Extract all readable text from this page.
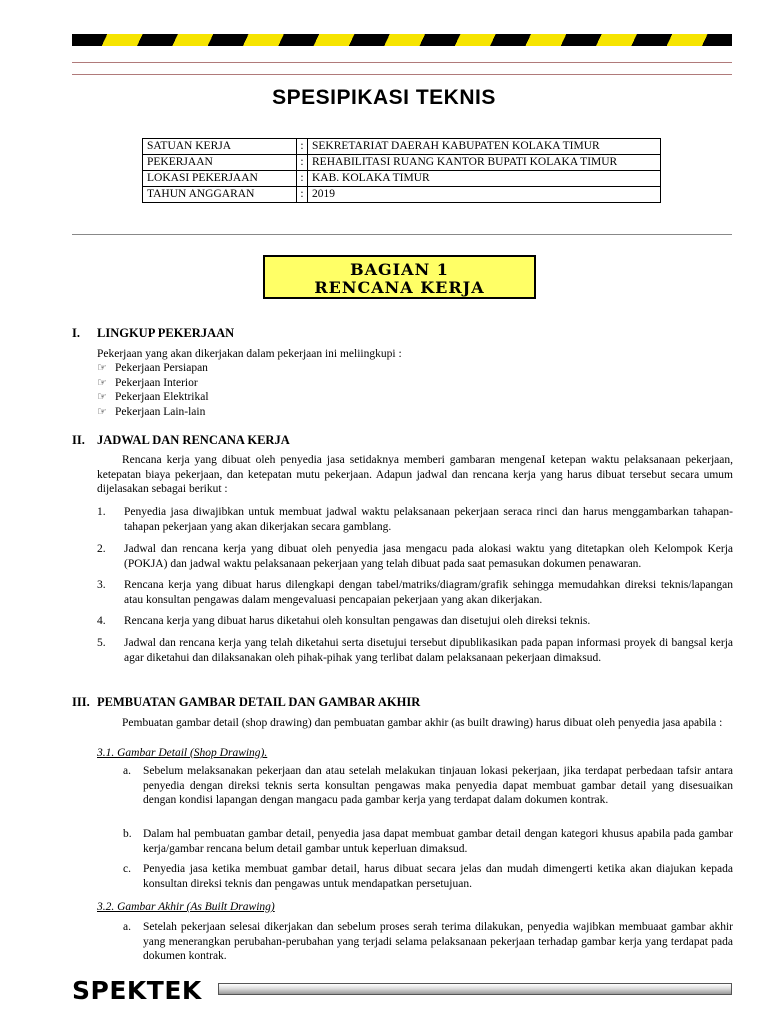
SPESIPIKASI TEKNIS
SATUAN KERJA	:	SEKRETARIAT DAERAH KABUPATEN KOLAKA TIMUR
PEKERJAAN	:	REHABILITASI RUANG KANTOR BUPATI KOLAKA TIMUR
LOKASI PEKERJAAN	:	KAB. KOLAKA TIMUR
TAHUN ANGGARAN	:	2019
BAGIAN 1
RENCANA KERJA
I. LINGKUP PEKERJAAN
Pekerjaan yang akan dikerjakan dalam pekerjaan ini meliingkupi :
☞ Pekerjaan Persiapan
☞ Pekerjaan Interior
☞ Pekerjaan Elektrikal
☞ Pekerjaan Lain-lain
II. JADWAL DAN RENCANA KERJA
Rencana kerja yang dibuat oleh penyedia jasa setidaknya memberi gambaran mengenaI ketepan waktu pelaksanaan pekerjaan, ketepatan biaya pekerjaan, dan ketepatan mutu pekerjaan. Adapun jadwal dan rencana kerja yang harus dibuat tersebut secara umum dijelasakan sebagai berikut :
1. Penyedia jasa diwajibkan untuk membuat jadwal waktu pelaksanaan pekerjaan seraca rinci dan harus menggambarkan tahapan-tahapan pekerjaan yang akan dikerjakan secara gamblang.
2. Jadwal dan rencana kerja yang dibuat oleh penyedia jasa mengacu pada alokasi waktu yang ditetapkan oleh Kelompok Kerja (POKJA) dan jadwal waktu pelaksanaan pekerjaan yang telah dibuat pada saat pemasukan dokumen penawaran.
3. Rencana kerja yang dibuat harus dilengkapi dengan tabel/matriks/diagram/grafik sehingga memudahkan direksi teknis/lapangan atau konsultan pengawas dalam mengevaluasi pencapaian pekerjaan yang akan dikerjakan.
4. Rencana kerja yang dibuat harus diketahui oleh konsultan pengawas dan disetujui oleh direksi teknis.
5. Jadwal dan rencana kerja yang telah diketahui serta disetujui tersebut dipublikasikan pada papan informasi proyek di bangsal kerja agar diketahui dan dilaksanakan oleh pihak-pihak yang terlibat dalam pelaksanaan pekerjaan dimaksud.
III. PEMBUATAN GAMBAR DETAIL DAN GAMBAR AKHIR
Pembuatan gambar detail (shop drawing) dan pembuatan gambar akhir (as built drawing) harus dibuat oleh penyedia jasa apabila :
3.1. Gambar Detail (Shop Drawing).
a. Sebelum melaksanakan pekerjaan dan atau setelah melakukan tinjauan lokasi pekerjaan, jika terdapat perbedaan tafsir antara penyedia dengan direksi teknis serta konsultan pengawas maka penyedia dapat membuat gambar detail yang disesuaikan dengan kondisi lapangan dengan mangacu pada gambar kerja yang terdapat dalam dokumen kontrak.
b. Dalam hal pembuatan gambar detail, penyedia jasa dapat membuat gambar detail dengan kategori khusus apabila pada gambar kerja/gambar rencana belum detail gambar untuk keperluan dimaksud.
c. Penyedia jasa ketika membuat gambar detail, harus dibuat secara jelas dan mudah dimengerti ketika akan diajukan kepada konsultan direksi teknis dan pengawas untuk mendapatkan persetujuan.
3.2. Gambar Akhir (As Built Drawing)
a. Setelah pekerjaan selesai dikerjakan dan sebelum proses serah terima dilakukan, penyedia wajibkan membuaat gambar akhir yang menerangkan perubahan-perubahan yang terjadi selama pelaksanaan pekerjaan terhadap gambar kerja yang terdapat pada dokumen kontrak.
SPEKTEK
